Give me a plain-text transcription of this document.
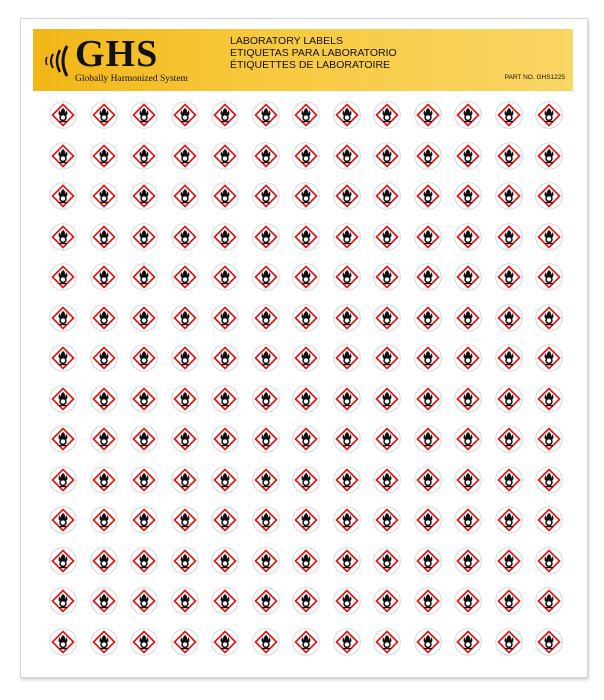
GHS
Globally Harmonized System
LABORATORY LABELS
ETIQUETAS PARA LABORATORIO
ÉTIQUETTES DE LABORATOIRE
PART NO. GHS1225
